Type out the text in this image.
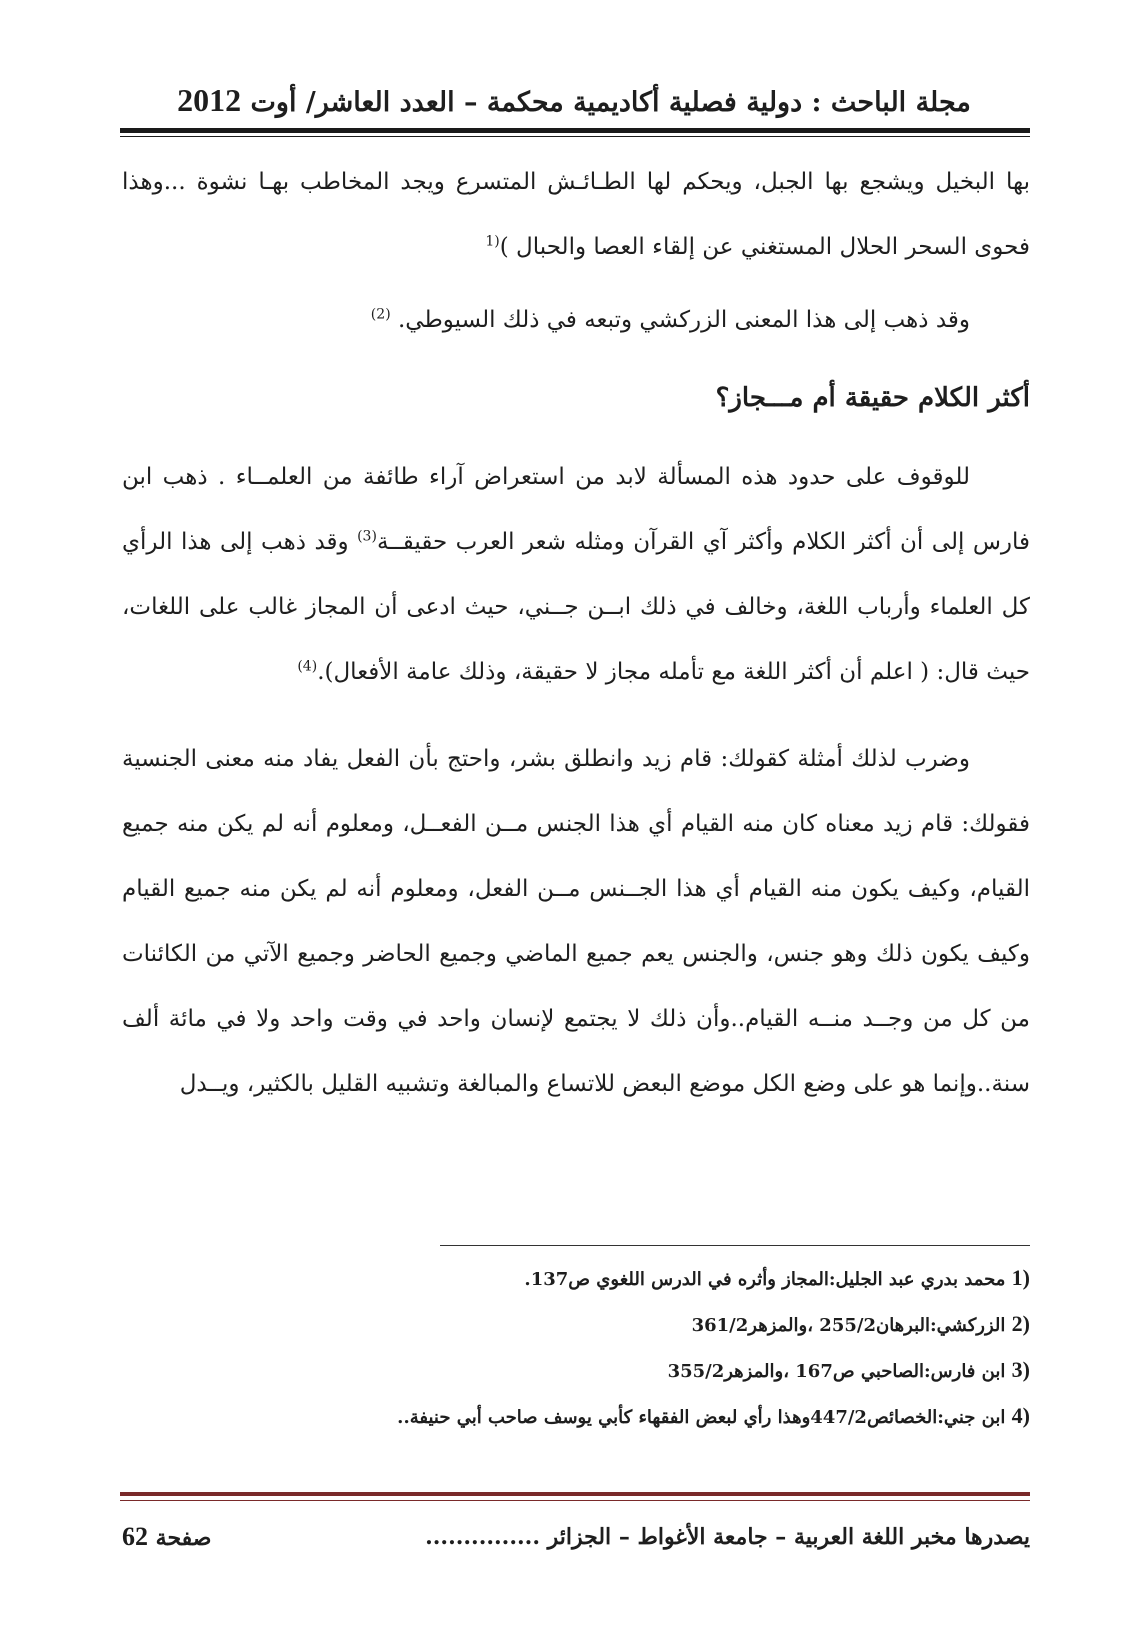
مجلة الباحث : دولية فصلية أكاديمية محكمة – العدد العاشر/ أوت 2012

بها البخيل ويشجع بها الجبل، ويحكم لها الطـائـش المتسرع ويجد المخاطب بهـا نشوة ...وهذا فحوى السحر الحلال المستغني عن إلقاء العصا والحبال )$^{(1}$

وقد ذهب إلى هذا المعنى الزركشي وتبعه في ذلك السيوطي. $^{(2)}$

أكثر الكلام حقيقة أم مـــجاز؟

للوقوف على حدود هذه المسألة لابد من استعراض آراء طائفة من العلمــاء . ذهب ابن فارس إلى أن أكثر الكلام وأكثر آي القرآن ومثله شعر العرب حقيقــة$^{(3)}$ وقد ذهب إلى هذا الرأي كل العلماء وأرباب اللغة، وخالف في ذلك ابــن جــني، حيث ادعى أن المجاز غالب على اللغات، حيث قال: ( اعلم أن أكثر اللغة مع تأمله مجاز لا حقيقة، وذلك عامة الأفعال).$^{(4)}$

وضرب لذلك أمثلة كقولك: قام زيد وانطلق بشر، واحتج بأن الفعل يفاد منه معنى الجنسية فقولك: قام زيد معناه كان منه القيام أي هذا الجنس مــن الفعــل، ومعلوم أنه لم يكن منه جميع القيام، وكيف يكون منه القيام أي هذا الجــنس مــن الفعل، ومعلوم أنه لم يكن منه جميع القيام وكيف يكون ذلك وهو جنس، والجنس يعم جميع الماضي وجميع الحاضر وجميع الآتي من الكائنات من كل من وجــد منــه القيام..وأن ذلك لا يجتمع لإنسان واحد في وقت واحد ولا في مائة ألف سنة..وإنما هو على وضع الكل موضع البعض للاتساع والمبالغة وتشبيه القليل بالكثير، ويــدل

(1 محمد بدري عبد الجليل:المجاز وأثره في الدرس اللغوي ص137.
(2 الزركشي:البرهان255/2 ،والمزهر361/2
(3 ابن فارس:الصاحبي ص167 ،والمزهر355/2
(4 ابن جني:الخصائص447/2وهذا رأي لبعض الفقهاء كأبي يوسف صاحب أبي حنيفة..
يصدرها مخبر اللغة العربية – جامعة الأغواط – الجزائر ...............
صفحة 62
